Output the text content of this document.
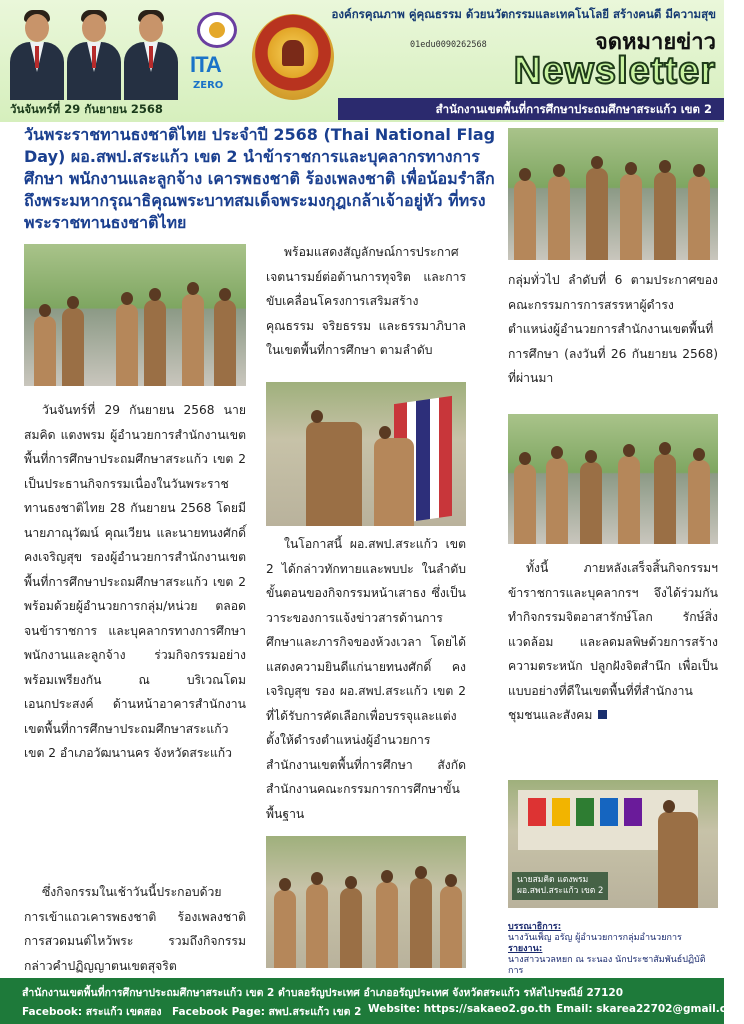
วันจันทร์ที่ 29 กันยายน 2568
ITA
ZERO
องค์กรคุณภาพ คู่คุณธรรม ด้วยนวัตกรรมและเทคโนโลยี สร้างคนดี มีความสุข
01edu0090262568	จดหมายข่าว
Newsletter
สำนักงานเขตพื้นที่การศึกษาประถมศึกษาสระแก้ว เขต 2
วันพระราชทานธงชาติไทย ประจำปี 2568 (Thai National Flag Day) ผอ.สพป.สระแก้ว เขต 2 นำข้าราชการและบุคลากรทางการศึกษา พนักงานและลูกจ้าง เคารพธงชาติ ร้องเพลงชาติ เพื่อน้อมรำลึกถึงพระมหากรุณาธิคุณพระบาทสมเด็จพระมงกุฎเกล้าเจ้าอยู่หัว ที่ทรงพระราชทานธงชาติไทย
นายสมคิด แตงพรม
ผอ.สพป.สระแก้ว เขต 2
วันจันทร์ที่ 29 กันยายน 2568 นายสมคิด แตงพรม ผู้อำนวยการสำนักงานเขตพื้นที่การศึกษาประถมศึกษาสระแก้ว เขต 2 เป็นประธานกิจกรรมเนื่องในวันพระราชทานธงชาติไทย 28 กันยายน 2568 โดยมีนายภาณุวัฒน์ คุณเวียน และนายทนงศักดิ์ คงเจริญสุข รองผู้อำนวยการสำนักงานเขตพื้นที่การศึกษาประถมศึกษาสระแก้ว เขต 2 พร้อมด้วยผู้อำนวยการกลุ่ม/หน่วย ตลอดจนข้าราชการ และบุคลากรทางการศึกษา พนักงานและลูกจ้าง ร่วมกิจกรรมอย่างพร้อมเพรียงกัน ณ บริเวณโดมเอนกประสงค์ ด้านหน้าอาคารสำนักงานเขตพื้นที่การศึกษาประถมศึกษาสระแก้ว เขต 2 อำเภอวัฒนานคร จังหวัดสระแก้ว
ซึ่งกิจกรรมในเช้าวันนี้ประกอบด้วย การเข้าแถวเคารพธงชาติ ร้องเพลงชาติ การสวดมนต์ไหว้พระ รวมถึงกิจกรรม กล่าวคำปฏิญญาตนเขตสุจริต
พร้อมแสดงสัญลักษณ์การประกาศเจตนารมย์ต่อต้านการทุจริต และการขับเคลื่อนโครงการเสริมสร้างคุณธรรม จริยธรรม และธรรมาภิบาลในเขตพื้นที่การศึกษา ตามลำดับ
ในโอกาสนี้ ผอ.สพป.สระแก้ว เขต 2 ได้กล่าวทักทายและพบปะ ในลำดับขั้นตอนของกิจกรรมหน้าเสาธง ซึ่งเป็นวาระของการแจ้งข่าวสารด้านการศึกษาและภารกิจของห้วงเวลา โดยได้แสดงความยินดีแก่นายทนงศักดิ์ คงเจริญสุข รอง ผอ.สพป.สระแก้ว เขต 2 ที่ได้รับการคัดเลือกเพื่อบรรจุและแต่งตั้งให้ดำรงตำแหน่งผู้อำนวยการสำนักงานเขตพื้นที่การศึกษา สังกัดสำนักงานคณะกรรมการการศึกษาขั้นพื้นฐาน
กลุ่มทั่วไป ลำดับที่ 6 ตามประกาศของคณะกรรมการการสรรหาผู้ดำรงตำแหน่งผู้อำนวยการสำนักงานเขตพื้นที่การศึกษา (ลงวันที่ 26 กันยายน 2568) ที่ผ่านมา
ทั้งนี้ ภายหลังเสร็จสิ้นกิจกรรมฯ ข้าราชการและบุคลากรฯ จึงได้ร่วมกันทำกิจกรรมจิตอาสารักษ์โลก รักษ์สิ่งแวดล้อม และลดมลพิษด้วยการสร้างความตระหนัก ปลูกฝังจิตสำนึก เพื่อเป็นแบบอย่างที่ดีในเขตพื้นที่ที่สำนักงาน ชุมชนและสังคม
บรรณาธิการ:
นางวันเพ็ญ อรัญ ผู้อำนวยการกลุ่มอำนวยการ
รายงาน:
นางสาวนวลหยก ณ ระนอง นักประชาสัมพันธ์ปฏิบัติการ
สำนักงานเขตพื้นที่การศึกษาประถมศึกษาสระแก้ว เขต 2 ตำบลอรัญประเทศ อำเภออรัญประเทศ จังหวัดสระแก้ว รหัสไปรษณีย์ 27120
Facebook: สระแก้ว เขตสอง Facebook Page: สพป.สระแก้ว เขต 2 Website: https://sakaeo2.go.th Email: skarea22702@gmail.com
